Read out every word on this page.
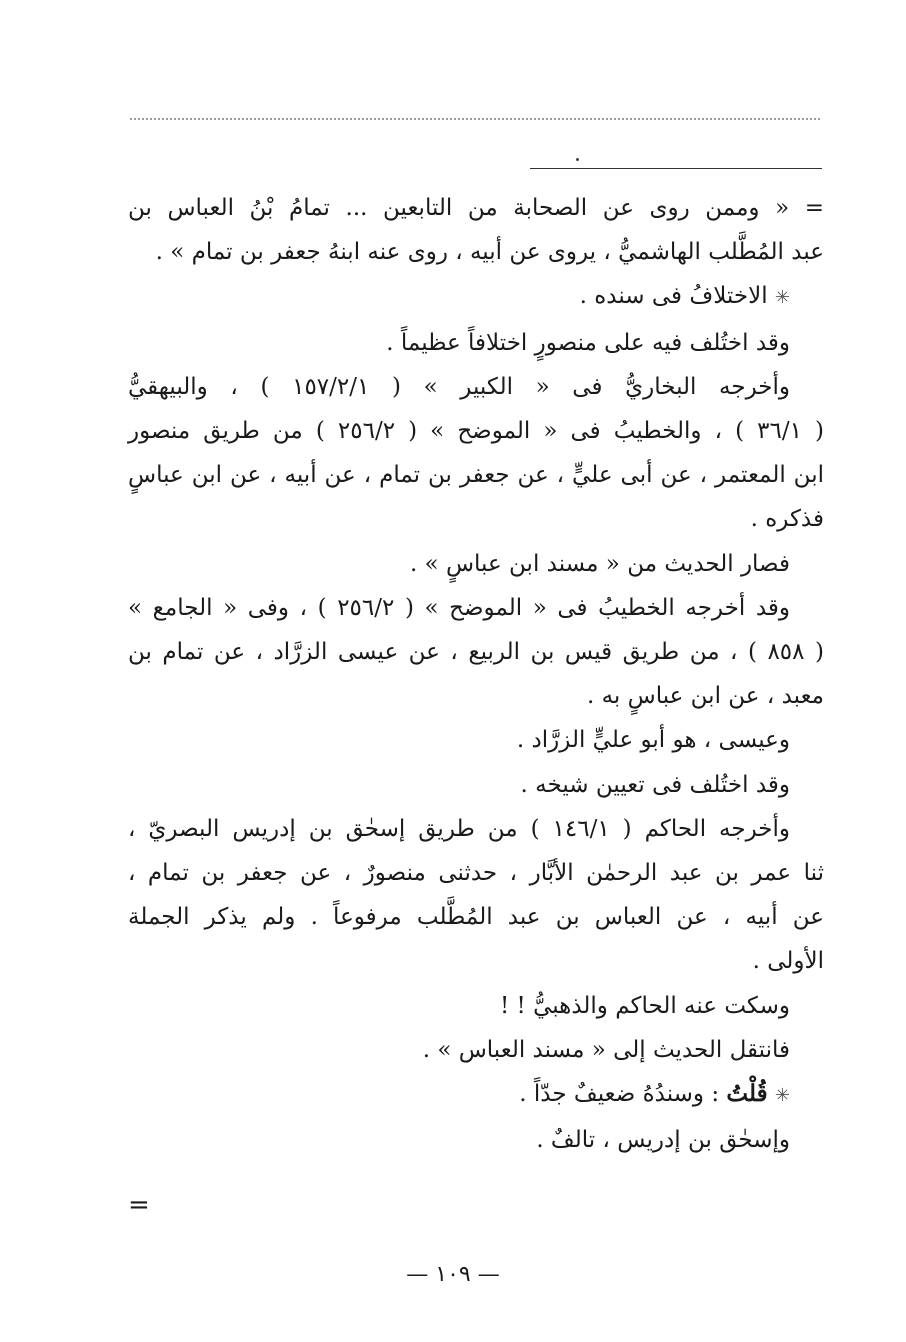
= « وممن روى عن الصحابة من التابعين ... تمامُ بْنُ العباس بن

عبد المُطَّلب الهاشميُّ ، يروى عن أبيه ، روى عنه ابنهُ جعفر بن تمام » .

✳ الاختلافُ فى سنده .

وقد اختُلف فيه على منصورٍ اختلافاً عظيماً .

وأخرجه البخاريُّ فى « الكبير » ( ١٥٧/٢/١ ) ، والبيهقيُّ

( ٣٦/١ ) ، والخطيبُ فى « الموضح » ( ٢٥٦/٢ ) من طريق منصور

ابن المعتمر ، عن أبى عليٍّ ، عن جعفر بن تمام ، عن أبيه ، عن ابن عباسٍ

فذكره .

فصار الحديث من « مسند ابن عباسٍ » .

وقد أخرجه الخطيبُ فى « الموضح » ( ٢٥٦/٢ ) ، وفى « الجامع »

( ٨٥٨ ) ، من طريق قيس بن الربيع ، عن عيسى الزرَّاد ، عن تمام بن

معبد ، عن ابن عباسٍ به .

وعيسى ، هو أبو عليٍّ الزرَّاد .

وقد اختُلف فى تعيين شيخه .

وأخرجه الحاكم ( ١٤٦/١ ) من طريق إسحٰق بن إدريس البصريّ ،

ثنا عمر بن عبد الرحمٰن الأبَّار ، حدثنى منصورٌ ، عن جعفر بن تمام ،

عن أبيه ، عن العباس بن عبد المُطَّلب مرفوعاً . ولم يذكر الجملة

الأولى .

وسكت عنه الحاكم والذهبيُّ ! !

فانتقل الحديث إلى « مسند العباس » .

✳ قُلْتُ : وسندُهُ ضعيفٌ جدّاً .

وإسحٰق بن إدريس ، تالفٌ .

=
— ١٠٩ —
